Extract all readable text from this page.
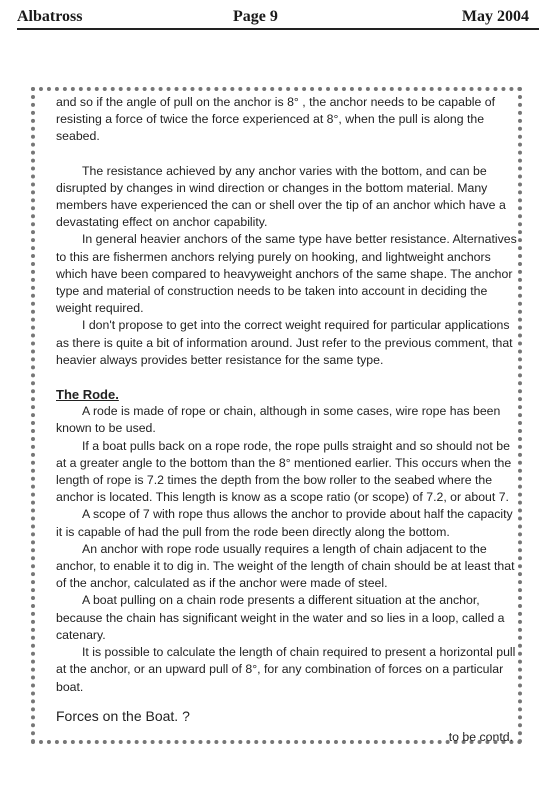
Albatross	Page 9	May 2004

and so if the angle of pull on the anchor is 8° , the anchor needs to be capable of resisting a force of twice the force experienced at 8°, when the pull is along the seabed.

The resistance achieved by any anchor varies with the bottom, and can be disrupted by changes in wind direction or changes in the bottom material. Many members have experienced the can or shell over the tip of an anchor which have a devastating effect on anchor capability.

In general heavier anchors of the same type have better resistance. Alternatives to this are fishermen anchors relying purely on hooking, and lightweight anchors which have been compared to heavyweight anchors of the same shape. The anchor type and material of construction needs to be taken into account in deciding the weight required.

I don't propose to get into the correct weight required for particular applications as there is quite a bit of information around. Just refer to the previous comment, that heavier always provides better resistance for the same type.

The Rode.

A rode is made of rope or chain, although in some cases, wire rope has been known to be used.

If a boat pulls back on a rope rode, the rope pulls straight and so should not be at a greater angle to the bottom than the 8° mentioned earlier. This occurs when the length of rope is 7.2 times the depth from the bow roller to the seabed where the anchor is located. This length is know as a scope ratio (or scope) of 7.2, or about 7.

A scope of 7 with rope thus allows the anchor to provide about half the capacity it is capable of had the pull from the rode been directly along the bottom.

An anchor with rope rode usually requires a length of chain adjacent to the anchor, to enable it to dig in. The weight of the length of chain should be at least that of the anchor, calculated as if the anchor were made of steel.

A boat pulling on a chain rode presents a different situation at the anchor, because the chain has significant weight in the water and so lies in a loop, called a catenary.

It is possible to calculate the length of chain required to present a horizontal pull at the anchor, or an upward pull of 8°, for any combination of forces on a particular boat.

Forces on the Boat. ?

to be contd.
